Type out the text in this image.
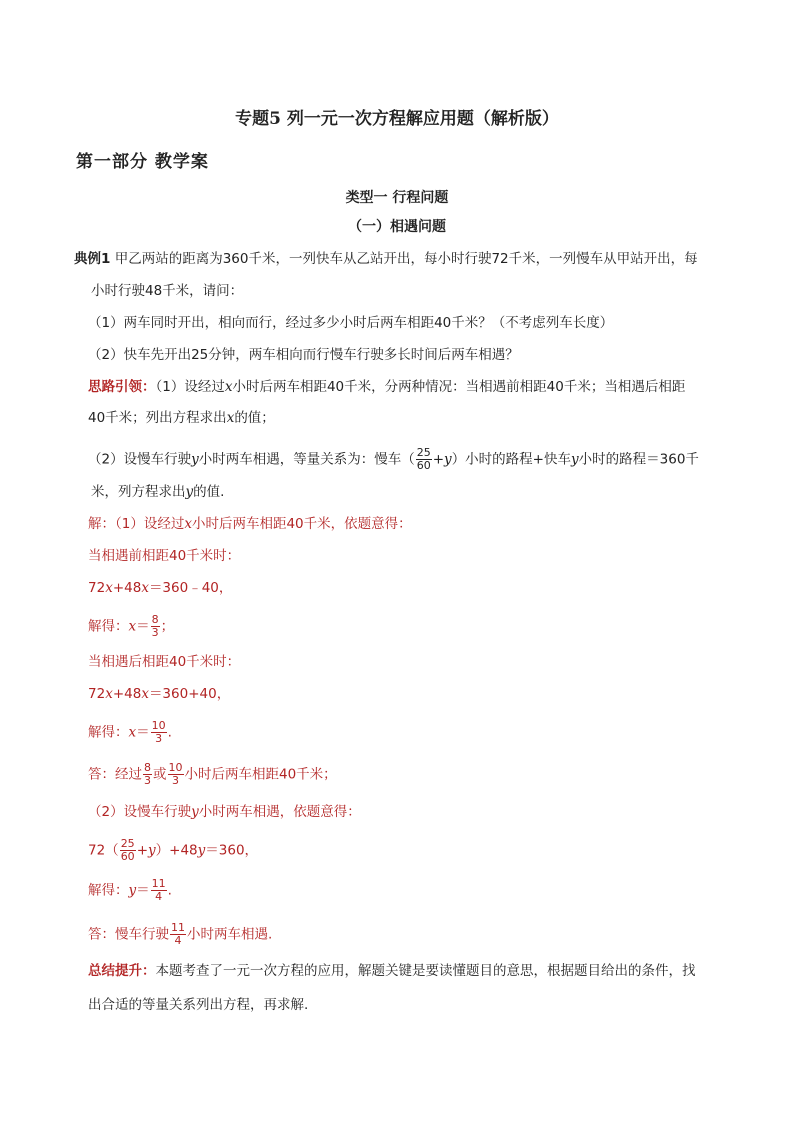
专题5 列一元一次方程解应用题（解析版）
第一部分 教学案
类型一 行程问题
（一）相遇问题
典例1 甲乙两站的距离为360千米，一列快车从乙站开出，每小时行驶72千米，一列慢车从甲站开出，每
小时行驶48千米，请问：
（1）两车同时开出，相向而行，经过多少小时后两车相距40千米？（不考虑列车长度）
（2）快车先开出25分钟，两车相向而行慢车行驶多长时间后两车相遇？
思路引领：（1）设经过x小时后两车相距40千米，分两种情况：当相遇前相距40千米；当相遇后相距
40千米；列出方程求出x的值；
（2）设慢车行驶y小时两车相遇，等量关系为：慢车（ $\frac{25}{60} +y$）小时的路程+快车y小时的路程＝360千
米，列方程求出y的值.
解：（1）设经过x小时后两车相距40千米，依题意得：
当相遇前相距40千米时：
72x+48x＝360﹣40，
解得：$x= \frac{8}{3}$ ；
当相遇后相距40千米时：
72x+48x＝360+40，
解得：$x= \frac{10}{3}$ .
答：经过 $\frac{8}{3}$ 或 $\frac{10}{3}$ 小时后两车相距40千米；
（2）设慢车行驶y小时两车相遇，依题意得：
$72( \frac{25}{60} +y)+48y=360$，
解得：$y= \frac{11}{4}$ .
答：慢车行驶 $\frac{11}{4}$ 小时两车相遇.
总结提升：本题考查了一元一次方程的应用，解题关键是要读懂题目的意思，根据题目给出的条件，找
出合适的等量关系列出方程，再求解.
